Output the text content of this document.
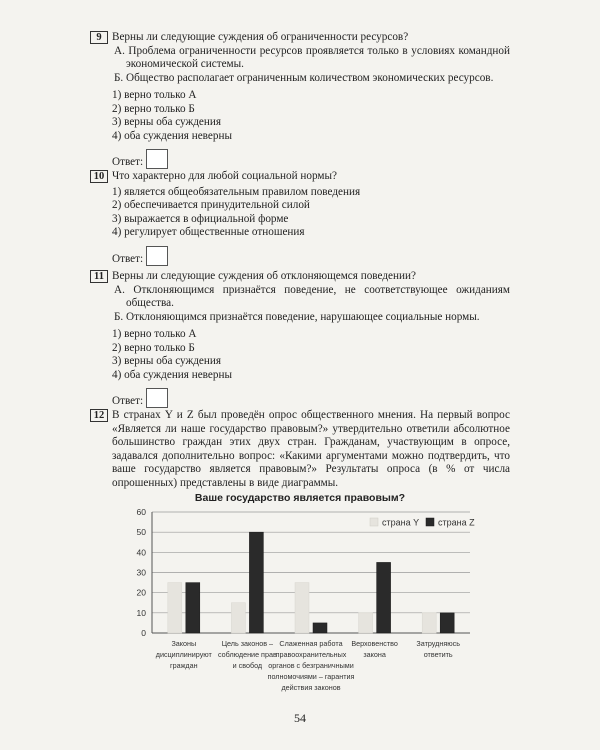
9 Верны ли следующие суждения об ограниченности ресурсов?
А. Проблема ограниченности ресурсов проявляется только в условиях командной экономической системы.
Б. Общество располагает ограниченным количеством экономических ресурсов.
1) верно только А
2) верно только Б
3) верны оба суждения
4) оба суждения неверны
Ответ:
10 Что характерно для любой социальной нормы?
1) является общеобязательным правилом поведения
2) обеспечивается принудительной силой
3) выражается в официальной форме
4) регулирует общественные отношения
Ответ:
11 Верны ли следующие суждения об отклоняющемся поведении?
А. Отклоняющимся признаётся поведение, не соответствующее ожиданиям общества.
Б. Отклоняющимся признаётся поведение, нарушающее социальные нормы.
1) верно только А
2) верно только Б
3) верны оба суждения
4) оба суждения неверны
Ответ:
12 В странах Y и Z был проведён опрос общественного мнения. На первый вопрос «Является ли наше государство правовым?» утвердительно ответили абсолютное большинство граждан этих двух стран. Гражданам, участвующим в опросе, задавался дополнительно вопрос: «Какими аргументами можно подтвердить, что ваше государство является правовым?» Результаты опроса (в % от числа опрошенных) представлены в виде диаграммы.
Ваше государство является правовым?
0
10
20
30
40
50
60
Законы
дисциплинируют
граждан
Цель законов –
соблюдение прав
и свобод
Слаженная работа
правоохранительных
органов с безграничными
полномочиями – гарантия
действия законов
Верховенство
закона
Затрудняюсь
ответить
страна Y страна Z
54
